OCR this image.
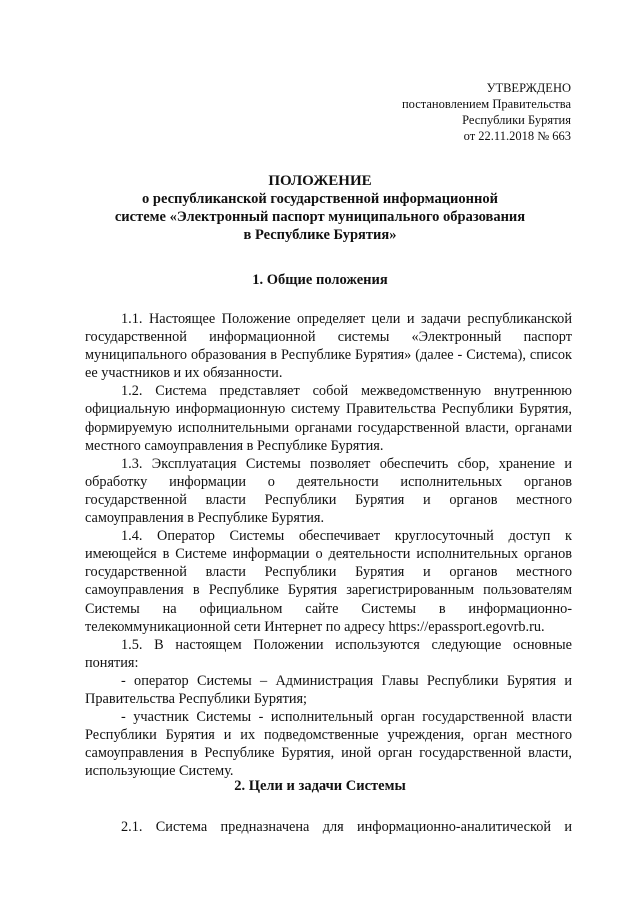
УТВЕРЖДЕНО
постановлением Правительства
Республики Бурятия
от 22.11.2018 № 663
ПОЛОЖЕНИЕ
о республиканской государственной информационной
системе «Электронный паспорт муниципального образования
в Республике Бурятия»
1. Общие положения

1.1. Настоящее Положение определяет цели и задачи республиканской государственной информационной системы «Электронный паспорт муниципального образования в Республике Бурятия» (далее - Система), список ее участников и их обязанности.

1.2. Система представляет собой межведомственную внутреннюю официальную информационную систему Правительства Республики Бурятия, формируемую исполнительными органами государственной власти, органами местного самоуправления в Республике Бурятия.

1.3. Эксплуатация Системы позволяет обеспечить сбор, хранение и обработку информации о деятельности исполнительных органов государственной власти Республики Бурятия и органов местного самоуправления в Республике Бурятия.

1.4. Оператор Системы обеспечивает круглосуточный доступ к имеющейся в Системе информации о деятельности исполнительных органов государственной власти Республики Бурятия и органов местного самоуправления в Республике Бурятия зарегистрированным пользователям Системы на официальном сайте Системы в информационно-телекоммуникационной сети Интернет по адресу https://epassport.egovrb.ru.

1.5. В настоящем Положении используются следующие основные понятия:

- оператор Системы – Администрация Главы Республики Бурятия и Правительства Республики Бурятия;

- участник Системы - исполнительный орган государственной власти Республики Бурятия и их подведомственные учреждения, орган местного самоуправления в Республике Бурятия, иной орган государственной власти, использующие Систему.

2. Цели и задачи Системы

2.1. Система предназначена для информационно-аналитической и
